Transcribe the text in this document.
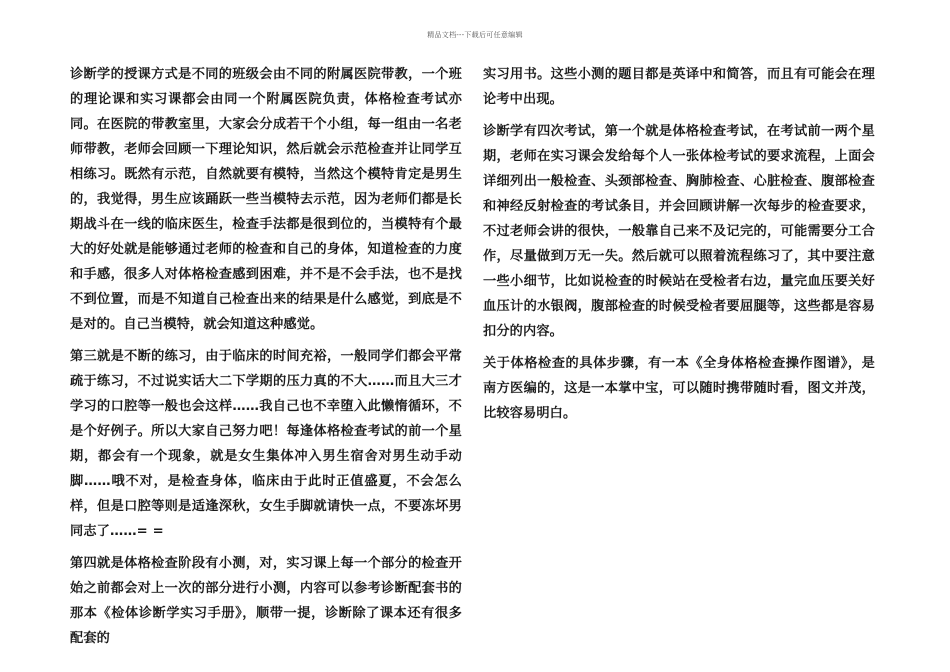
精品文档---下载后可任意编辑

诊断学的授课方式是不同的班级会由不同的附属医院带教，一个班的理论课和实习课都会由同一个附属医院负责，体格检查考试亦同。在医院的带教室里，大家会分成若干个小组，每一组由一名老师带教，老师会回顾一下理论知识，然后就会示范检查并让同学互相练习。既然有示范，自然就要有模特，当然这个模特肯定是男生的，我觉得，男生应该踊跃一些当模特去示范，因为老师们都是长期战斗在一线的临床医生，检查手法都是很到位的，当模特有个最大的好处就是能够通过老师的检查和自己的身体，知道检查的力度和手感，很多人对体格检查感到困难，并不是不会手法，也不是找不到位置，而是不知道自己检查出来的结果是什么感觉，到底是不是对的。自己当模特，就会知道这种感觉。

第三就是不断的练习，由于临床的时间充裕，一般同学们都会平常疏于练习，不过说实话大二下学期的压力真的不大……而且大三才学习的口腔等一般也会这样……我自己也不幸堕入此懒惰循环，不是个好例子。所以大家自己努力吧！每逢体格检查考试的前一个星期，都会有一个现象，就是女生集体冲入男生宿舍对男生动手动脚……哦不对，是检查身体，临床由于此时正值盛夏，不会怎么样，但是口腔等则是适逢深秋，女生手脚就请快一点，不要冻坏男同志了……= =

第四就是体格检查阶段有小测，对，实习课上每一个部分的检查开始之前都会对上一次的部分进行小测，内容可以参考诊断配套书的那本《检体诊断学实习手册》，顺带一提，诊断除了课本还有很多配套的

实习用书。这些小测的题目都是英译中和简答，而且有可能会在理论考中出现。

诊断学有四次考试，第一个就是体格检查考试，在考试前一两个星期，老师在实习课会发给每个人一张体检考试的要求流程，上面会详细列出一般检查、头颈部检查、胸肺检查、心脏检查、腹部检查和神经反射检查的考试条目，并会回顾讲解一次每步的检查要求，不过老师会讲的很快，一般靠自己来不及记完的，可能需要分工合作，尽量做到万无一失。然后就可以照着流程练习了，其中要注意一些小细节，比如说检查的时候站在受检者右边，量完血压要关好血压计的水银阀，腹部检查的时候受检者要屈腿等，这些都是容易扣分的内容。

关于体格检查的具体步骤，有一本《全身体格检查操作图谱》，是南方医编的，这是一本掌中宝，可以随时携带随时看，图文并茂，比较容易明白。
